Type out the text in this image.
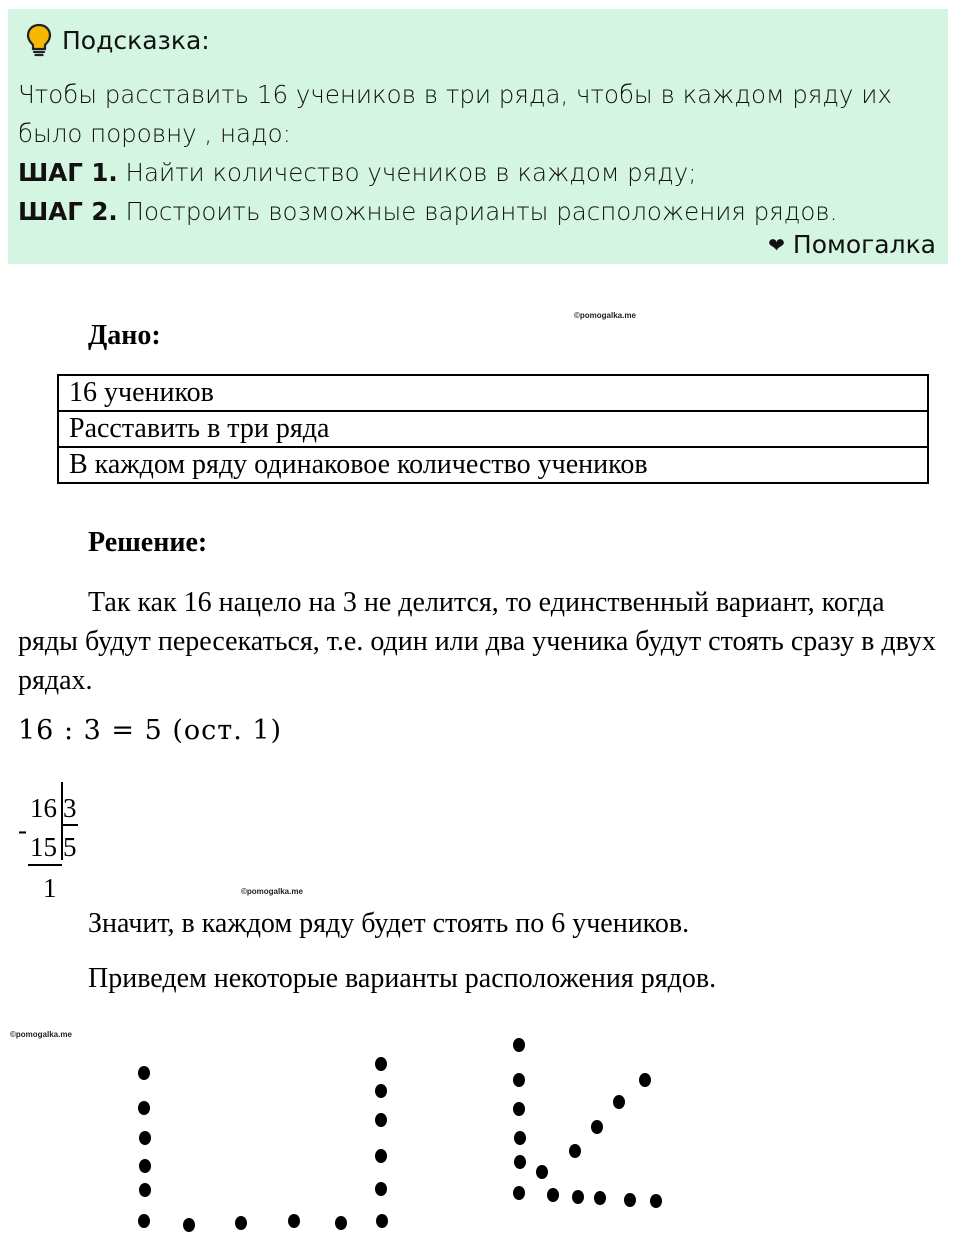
Подсказка:

Чтобы расставить 16 учеников в три ряда, чтобы в каждом ряду их было поровну , надо:

ШАГ 1. Найти количество учеников в каждом ряду;

ШАГ 2. Построить возможные варианты расположения рядов.

❤ Помогалка
©pomogalka.me
Дано:
16 учеников
Расставить в три ряда
В каждом ряду одинаковое количество учеников
Решение:

Так как 16 нацело на 3 не делится, то единственный вариант, когда ряды будут пересекаться, т.е. один или два ученика будут стоять сразу в двух рядах.

16 : 3 = 5 (ост. 1)
16 3
-
15 5
1	©pomogalka.me
Значит, в каждом ряду будет стоять по 6 учеников.
Приведем некоторые варианты расположения рядов.
©pomogalka.me
